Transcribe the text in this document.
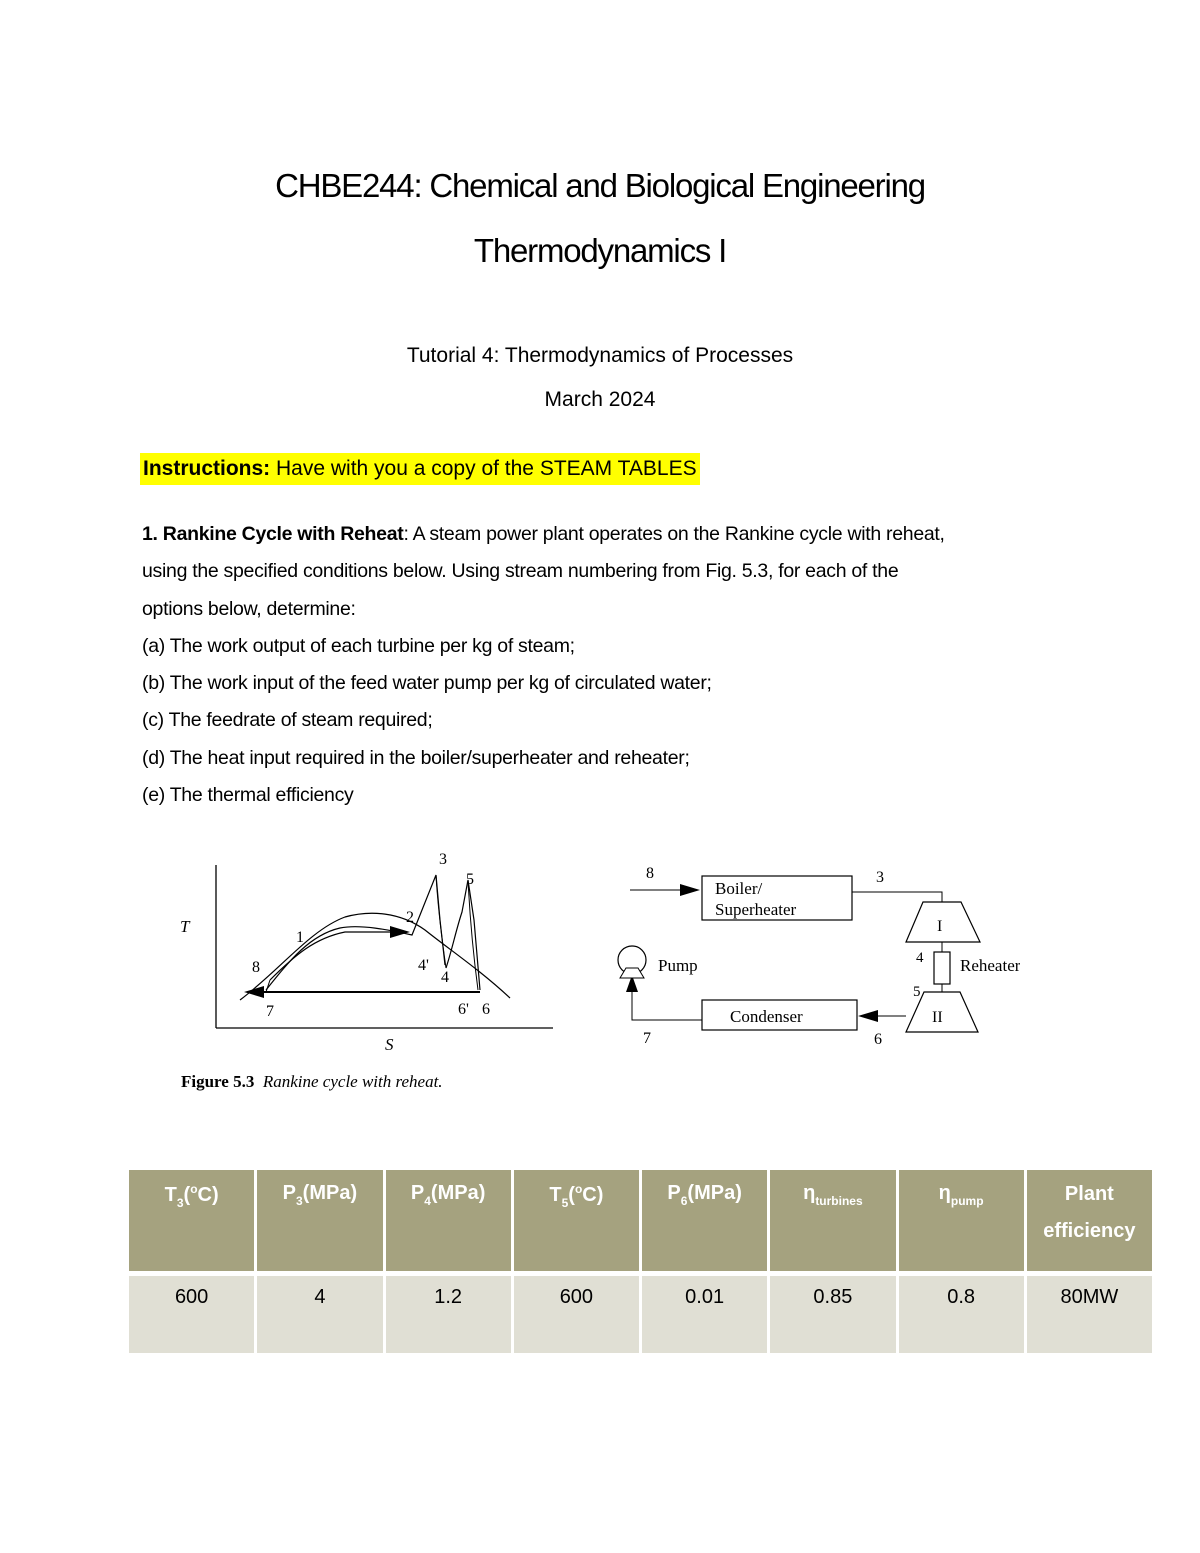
CHBE244: Chemical and Biological Engineering
Thermodynamics I
Tutorial 4: Thermodynamics of Processes
March 2024
Instructions: Have with you a copy of the STEAM TABLES
1. Rankine Cycle with Reheat: A steam power plant operates on the Rankine cycle with reheat,
using the specified conditions below. Using stream numbering from Fig. 5.3, for each of the
options below, determine:
(a) The work output of each turbine per kg of steam;
(b) The work input of the feed water pump per kg of circulated water;
(c) The feedrate of steam required;
(d) The heat input required in the boiler/superheater and reheater;
(e) The thermal efficiency
T
S
3
5
2
1
8	4'
4
7	6' 6
8
Boiler/
Superheater
3
I
4 Reheater
5
II
6
Condenser
7
Pump
Figure 5.3 Rankine cycle with reheat.
$T_3(^oC)$	$P_3(MPa)$	$P_4(MPa)$	$T_5(^oC)$	$P_6(MPa)$	$\eta_{turbines}$	$\eta_{pump}$	Plant
efficiency

600	4	1.2	600	0.01	0.85	0.8	80MW
